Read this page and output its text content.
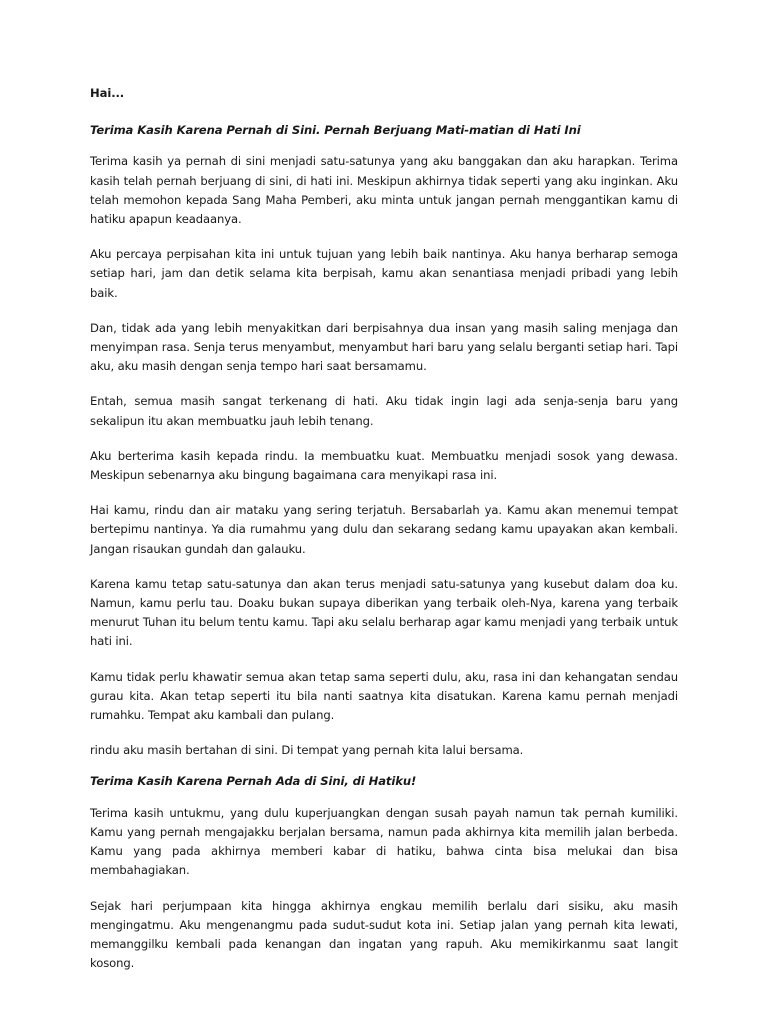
Hai...

Terima Kasih Karena Pernah di Sini. Pernah Berjuang Mati-matian di Hati Ini

Terima kasih ya pernah di sini menjadi satu-satunya yang aku banggakan dan aku harapkan. Terima kasih telah pernah berjuang di sini, di hati ini. Meskipun akhirnya tidak seperti yang aku inginkan. Aku telah memohon kepada Sang Maha Pemberi, aku minta untuk jangan pernah menggantikan kamu di hatiku apapun keadaanya.

Aku percaya perpisahan kita ini untuk tujuan yang lebih baik nantinya. Aku hanya berharap semoga setiap hari, jam dan detik selama kita berpisah, kamu akan senantiasa menjadi pribadi yang lebih baik.

Dan, tidak ada yang lebih menyakitkan dari berpisahnya dua insan yang masih saling menjaga dan menyimpan rasa. Senja terus menyambut, menyambut hari baru yang selalu berganti setiap hari. Tapi aku, aku masih dengan senja tempo hari saat bersamamu.

Entah, semua masih sangat terkenang di hati. Aku tidak ingin lagi ada senja-senja baru yang sekalipun itu akan membuatku jauh lebih tenang.

Aku berterima kasih kepada rindu. Ia membuatku kuat. Membuatku menjadi sosok yang dewasa. Meskipun sebenarnya aku bingung bagaimana cara menyikapi rasa ini.

Hai kamu, rindu dan air mataku yang sering terjatuh. Bersabarlah ya. Kamu akan menemui tempat bertepimu nantinya. Ya dia rumahmu yang dulu dan sekarang sedang kamu upayakan akan kembali. Jangan risaukan gundah dan galauku.

Karena kamu tetap satu-satunya dan akan terus menjadi satu-satunya yang kusebut dalam doa ku. Namun, kamu perlu tau. Doaku bukan supaya diberikan yang terbaik oleh-Nya, karena yang terbaik menurut Tuhan itu belum tentu kamu. Tapi aku selalu berharap agar kamu menjadi yang terbaik untuk hati ini.

Kamu tidak perlu khawatir semua akan tetap sama seperti dulu, aku, rasa ini dan kehangatan sendau gurau kita. Akan tetap seperti itu bila nanti saatnya kita disatukan. Karena kamu pernah menjadi rumahku. Tempat aku kambali dan pulang.

rindu aku masih bertahan di sini. Di tempat yang pernah kita lalui bersama.

Terima Kasih Karena Pernah Ada di Sini, di Hatiku!

Terima kasih untukmu, yang dulu kuperjuangkan dengan susah payah namun tak pernah kumiliki. Kamu yang pernah mengajakku berjalan bersama, namun pada akhirnya kita memilih jalan berbeda. Kamu yang pada akhirnya memberi kabar di hatiku, bahwa cinta bisa melukai dan bisa membahagiakan.

Sejak hari perjumpaan kita hingga akhirnya engkau memilih berlalu dari sisiku, aku masih mengingatmu. Aku mengenangmu pada sudut-sudut kota ini. Setiap jalan yang pernah kita lewati, memanggilku kembali pada kenangan dan ingatan yang rapuh. Aku memikirkanmu saat langit kosong.
